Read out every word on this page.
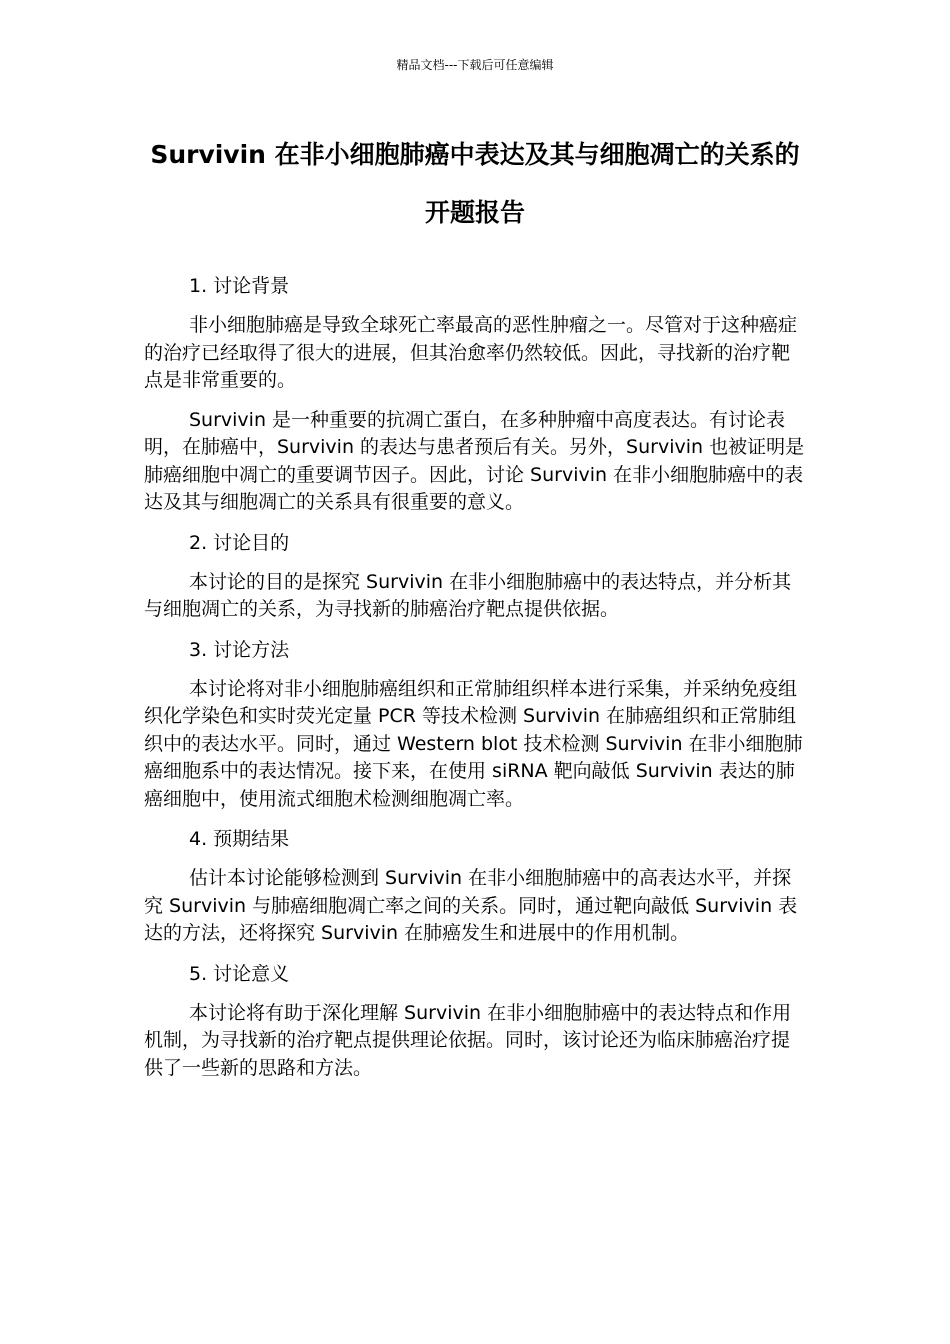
精品文档---下载后可任意编辑
Survivin 在非小细胞肺癌中表达及其与细胞凋亡的关系的开题报告

1. 讨论背景

非小细胞肺癌是导致全球死亡率最高的恶性肿瘤之一。尽管对于这种癌症的治疗已经取得了很大的进展，但其治愈率仍然较低。因此，寻找新的治疗靶点是非常重要的。

Survivin 是一种重要的抗凋亡蛋白，在多种肿瘤中高度表达。有讨论表明，在肺癌中，Survivin 的表达与患者预后有关。另外，Survivin 也被证明是肺癌细胞中凋亡的重要调节因子。因此，讨论 Survivin 在非小细胞肺癌中的表达及其与细胞凋亡的关系具有很重要的意义。

2. 讨论目的

本讨论的目的是探究 Survivin 在非小细胞肺癌中的表达特点，并分析其与细胞凋亡的关系，为寻找新的肺癌治疗靶点提供依据。

3. 讨论方法

本讨论将对非小细胞肺癌组织和正常肺组织样本进行采集，并采纳免疫组织化学染色和实时荧光定量 PCR 等技术检测 Survivin 在肺癌组织和正常肺组织中的表达水平。同时，通过 Western blot 技术检测 Survivin 在非小细胞肺癌细胞系中的表达情况。接下来，在使用 siRNA 靶向敲低 Survivin 表达的肺癌细胞中，使用流式细胞术检测细胞凋亡率。

4. 预期结果

估计本讨论能够检测到 Survivin 在非小细胞肺癌中的高表达水平，并探究 Survivin 与肺癌细胞凋亡率之间的关系。同时，通过靶向敲低 Survivin 表达的方法，还将探究 Survivin 在肺癌发生和进展中的作用机制。

5. 讨论意义

本讨论将有助于深化理解 Survivin 在非小细胞肺癌中的表达特点和作用机制，为寻找新的治疗靶点提供理论依据。同时，该讨论还为临床肺癌治疗提供了一些新的思路和方法。
